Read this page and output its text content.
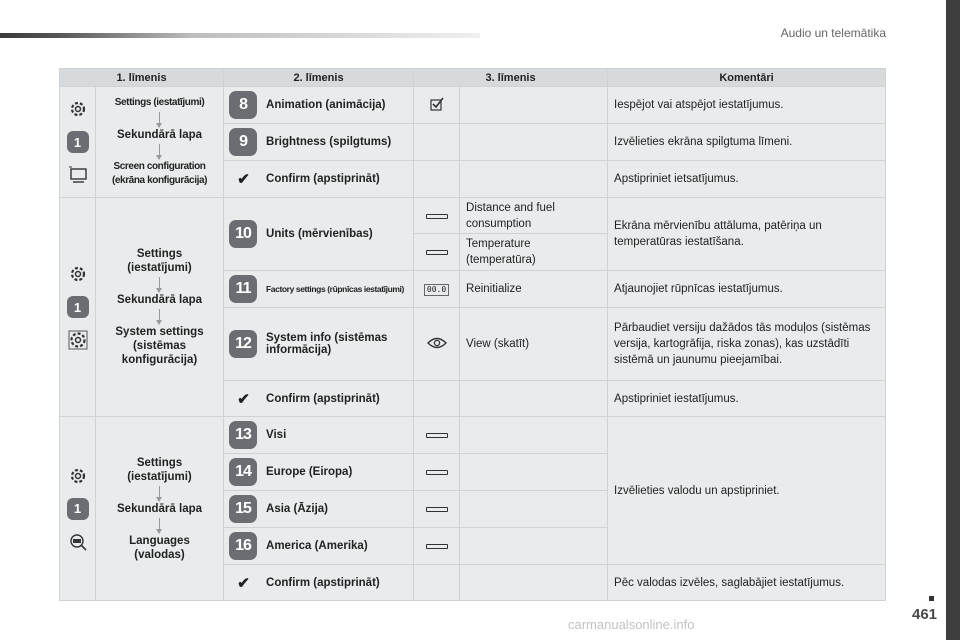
Audio un telemātika
1. līmenis		2. līmenis	3. līmenis		Komentāri

1	Settings (iestatījumi)
Sekundārā lapa
Screen configuration (ekrāna konfigurācija)	8 Animation (animācija)			Iespējot vai atspējot iestatījumus.

9 Brightness (spilgtums)			Izvēlieties ekrāna spilgtuma līmeni.

✔ Confirm (apstiprināt)			Apstipriniet ietsatījumus.

1	Settings (iestatījumi)
Sekundārā lapa
System settings (sistēmas konfigurācija)	10 Units (mērvienības)		Distance and fuel consumption	Ekrāna mērvienību attāluma, patēriņa un temperatūras iestatīšana.
				Temperature (temperatūra)	

11 Factory settings (rūpnīcas iestatījumi)	00.0	Reinitialize	Atjaunojiet rūpnīcas iestatījumus.

12 System info (sistēmas informācija)		View (skatīt)	Pārbaudiet versiju dažādos tās moduļos (sistēmas versija, kartogrāfija, riska zonas), kas uzstādīti sistēmā un jaunumu pieejamībai.

✔ Confirm (apstiprināt)			Apstipriniet iestatījumus.

1	Settings (iestatījumi)
Sekundārā lapa
Languages (valodas)	13 Visi			Izvēlieties valodu un apstipriniet.

14 Europe (Eiropa)			

15 Asia (Āzija)			

16 America (Amerika)			

✔ Confirm (apstiprināt)			Pēc valodas izvēles, saglabājiet iestatījumus.
461
carmanualsonline.info
